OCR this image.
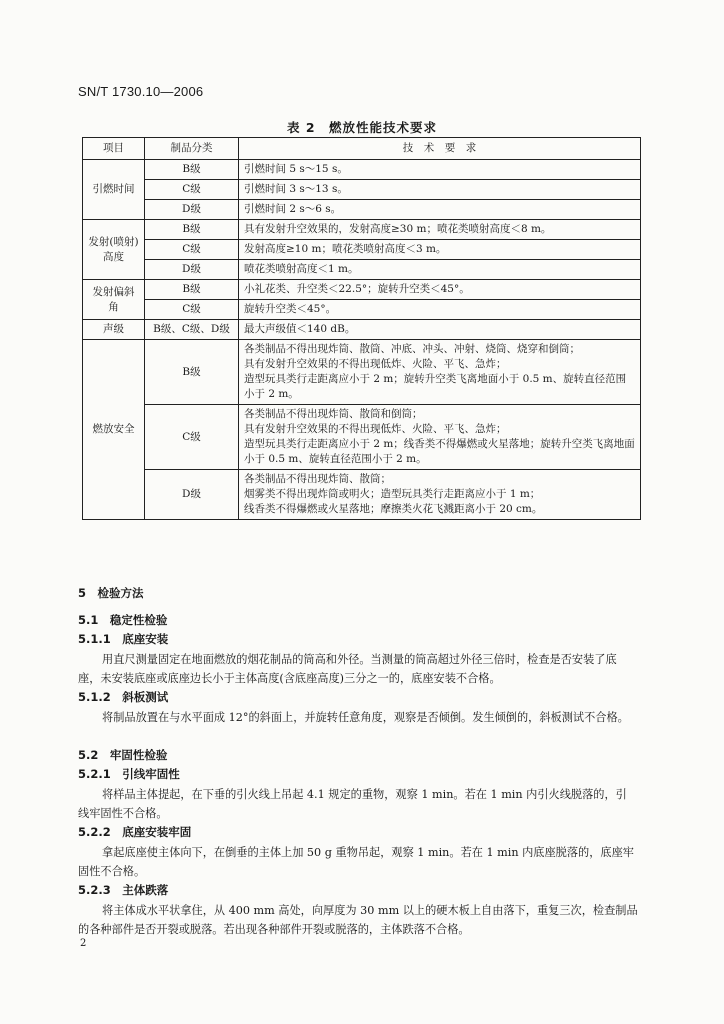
SN/T 1730.10—2006
表 2　燃放性能技术要求
项目	制品分类	技　术　要　求
引燃时间	B级	引燃时间 5 s～15 s。

	C级	引燃时间 3 s～13 s。

	D级	引燃时间 2 s～6 s。

发射(喷射)高度	B级	具有发射升空效果的，发射高度≥30 m；喷花类喷射高度＜8 m。

	C级	发射高度≥10 m；喷花类喷射高度＜3 m。

	D级	喷花类喷射高度＜1 m。

发射偏斜角	B级	小礼花类、升空类＜22.5°；旋转升空类＜45°。

	C级	旋转升空类＜45°。

声级	B级、C级、D级	最大声级值＜140 dB。

燃放安全	B级	各类制品不得出现炸筒、散筒、冲底、冲头、冲射、烧筒、烧穿和倒筒；
具有发射升空效果的不得出现低炸、火险、平飞、急炸；
造型玩具类行走距离应小于 2 m；旋转升空类飞离地面小于 0.5 m、旋转直径范围小于 2 m。

	C级	各类制品不得出现炸筒、散筒和倒筒；
具有发射升空效果的不得出现低炸、火险、平飞、急炸；
造型玩具类行走距离应小于 2 m；线香类不得爆燃或火星落地；旋转升空类飞离地面小于 0.5 m、旋转直径范围小于 2 m。

	D级	各类制品不得出现炸筒、散筒；
烟雾类不得出现炸筒或明火；造型玩具类行走距离应小于 1 m；
线香类不得爆燃或火星落地；摩擦类火花飞溅距离小于 20 cm。
5　检验方法
5.1　稳定性检验
5.1.1　底座安装
用直尺测量固定在地面燃放的烟花制品的筒高和外径。当测量的筒高超过外径三倍时，检查是否安装了底座，未安装底座或底座边长小于主体高度(含底座高度)三分之一的，底座安装不合格。
5.1.2　斜板测试
将制品放置在与水平面成 12°的斜面上，并旋转任意角度，观察是否倾倒。发生倾倒的，斜板测试不合格。
5.2　牢固性检验
5.2.1　引线牢固性
将样品主体提起，在下垂的引火线上吊起 4.1 规定的重物，观察 1 min。若在 1 min 内引火线脱落的，引线牢固性不合格。
5.2.2　底座安装牢固
拿起底座使主体向下，在倒垂的主体上加 50 g 重物吊起，观察 1 min。若在 1 min 内底座脱落的，底座牢固性不合格。
5.2.3　主体跌落
将主体成水平状拿住，从 400 mm 高处，向厚度为 30 mm 以上的硬木板上自由落下，重复三次，检查制品的各种部件是否开裂或脱落。若出现各种部件开裂或脱落的，主体跌落不合格。
2
